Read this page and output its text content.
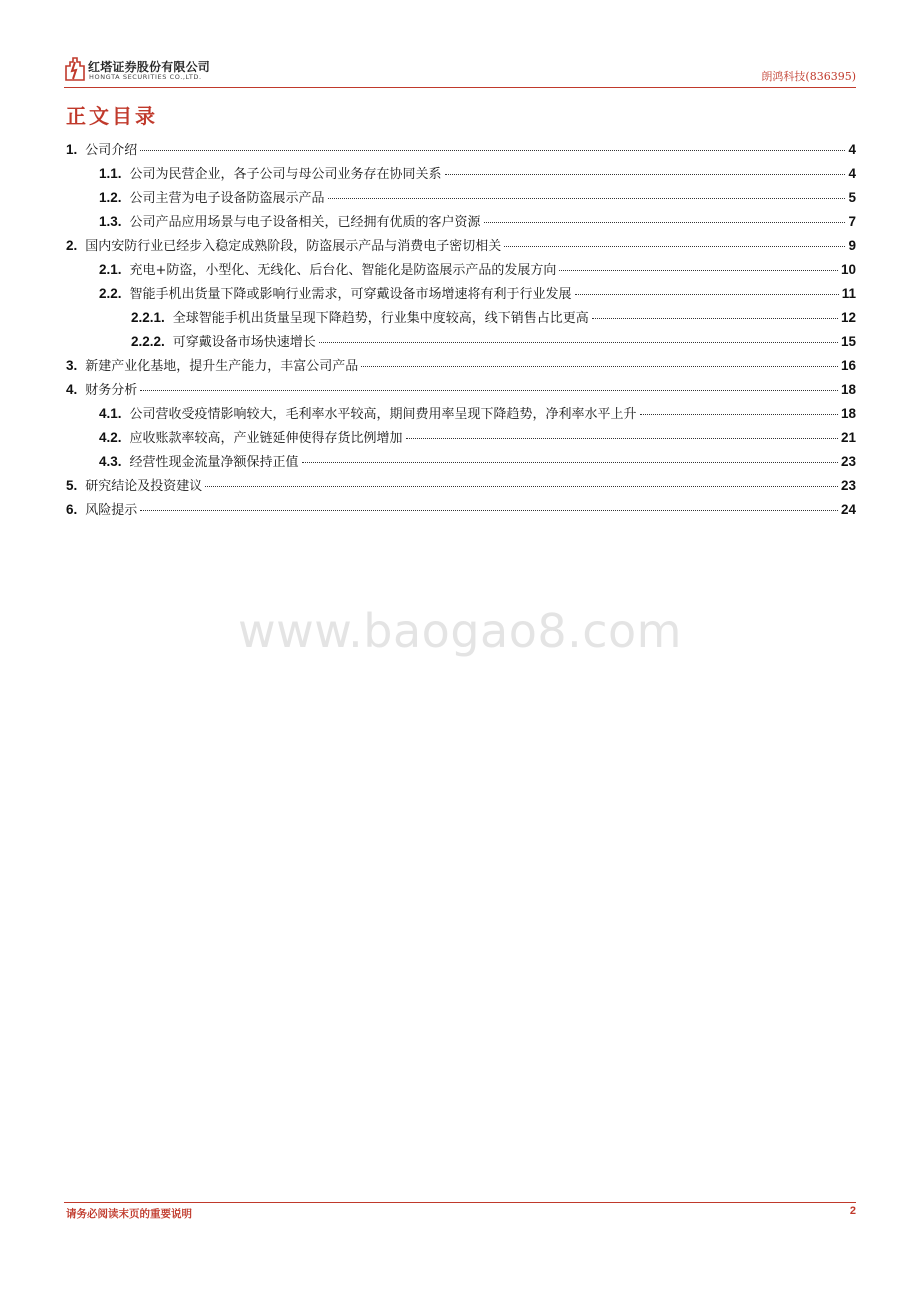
红塔证券股份有限公司
HONGTA SECURITIES CO.,LTD.	朗鸿科技(836395)
正文目录
1. 公司介绍	4
1.1. 公司为民营企业，各子公司与母公司业务存在协同关系	4
1.2. 公司主营为电子设备防盗展示产品	5
1.3. 公司产品应用场景与电子设备相关，已经拥有优质的客户资源	7
2. 国内安防行业已经步入稳定成熟阶段，防盗展示产品与消费电子密切相关	9
2.1. 充电+防盗，小型化、无线化、后台化、智能化是防盗展示产品的发展方向	10
2.2. 智能手机出货量下降或影响行业需求，可穿戴设备市场增速将有利于行业发展	11
2.2.1. 全球智能手机出货量呈现下降趋势，行业集中度较高，线下销售占比更高	12
2.2.2. 可穿戴设备市场快速增长	15
3. 新建产业化基地，提升生产能力，丰富公司产品	16
4. 财务分析	18
4.1. 公司营收受疫情影响较大，毛利率水平较高，期间费用率呈现下降趋势，净利率水平上升	18
4.2. 应收账款率较高，产业链延伸使得存货比例增加	21
4.3. 经营性现金流量净额保持正值	23
5. 研究结论及投资建议	23
6. 风险提示	24
www.baogao8.com
请务必阅读末页的重要说明	2
